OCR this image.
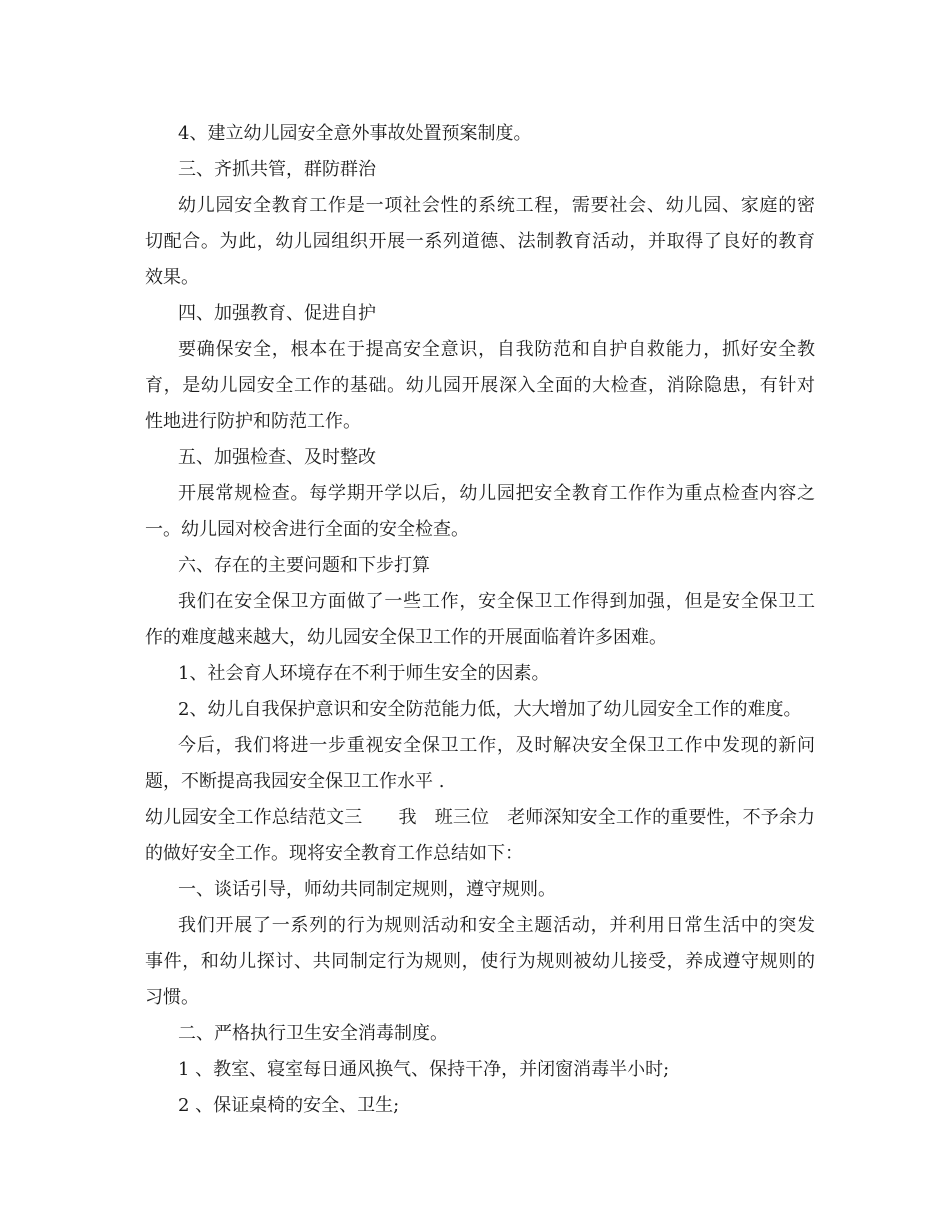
4、建立幼儿园安全意外事故处置预案制度。
三、齐抓共管，群防群治
幼儿园安全教育工作是一项社会性的系统工程，需要社会、幼儿园、家庭的密
切配合。为此，幼儿园组织开展一系列道德、法制教育活动，并取得了良好的教育
效果。
四、加强教育、促进自护
要确保安全，根本在于提高安全意识，自我防范和自护自救能力，抓好安全教
育，是幼儿园安全工作的基础。幼儿园开展深入全面的大检查，消除隐患，有针对
性地进行防护和防范工作。
五、加强检查、及时整改
开展常规检查。每学期开学以后，幼儿园把安全教育工作作为重点检查内容之
一。幼儿园对校舍进行全面的安全检查。
六、存在的主要问题和下步打算
我们在安全保卫方面做了一些工作，安全保卫工作得到加强，但是安全保卫工
作的难度越来越大，幼儿园安全保卫工作的开展面临着许多困难。
1、社会育人环境存在不利于师生安全的因素。
2、幼儿自我保护意识和安全防范能力低，大大增加了幼儿园安全工作的难度。
今后，我们将进一步重视安全保卫工作，及时解决安全保卫工作中发现的新问
题，不断提高我园安全保卫工作水平 .
幼儿园安全工作总结范文三　　我　班三位　老师深知安全工作的重要性，不予余力
的做好安全工作。现将安全教育工作总结如下：
一、谈话引导，师幼共同制定规则，遵守规则。
我们开展了一系列的行为规则活动和安全主题活动，并利用日常生活中的突发
事件，和幼儿探讨、共同制定行为规则，使行为规则被幼儿接受，养成遵守规则的
习惯。
二、严格执行卫生安全消毒制度。
1 、教室、寝室每日通风换气、保持干净，并闭窗消毒半小时;
2 、保证桌椅的安全、卫生;
